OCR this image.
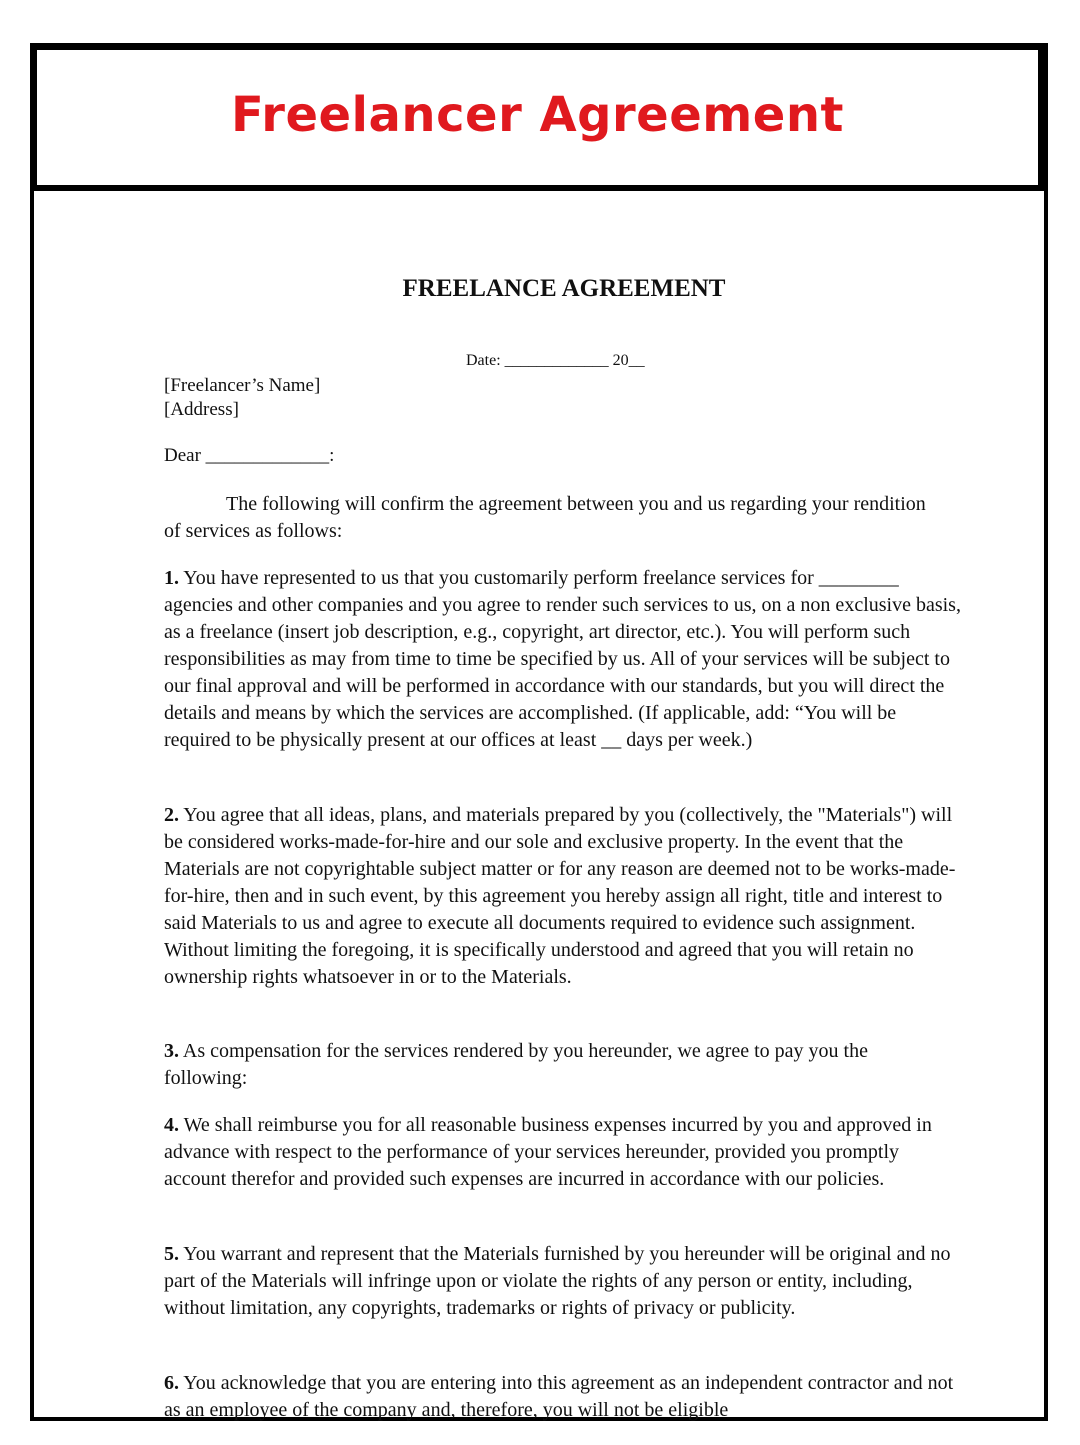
Freelancer Agreement
FREELANCE AGREEMENT
Date: _____________ 20__
[Freelancer’s Name]
[Address]
Dear _____________:

The following will confirm the agreement between you and us regarding your rendition of services as follows:

1. You have represented to us that you customarily perform freelance services for ________ agencies and other companies and you agree to render such services to us, on a non exclusive basis, as a freelance (insert job description, e.g., copyright, art director, etc.). You will perform such responsibilities as may from time to time be specified by us. All of your services will be subject to our final approval and will be performed in accordance with our standards, but you will direct the details and means by which the services are accomplished. (If applicable, add: “You will be required to be physically present at our offices at least __ days per week.)

2. You agree that all ideas, plans, and materials prepared by you (collectively, the "Materials") will be considered works-made-for-hire and our sole and exclusive property. In the event that the Materials are not copyrightable subject matter or for any reason are deemed not to be works-made-for-hire, then and in such event, by this agreement you hereby assign all right, title and interest to said Materials to us and agree to execute all documents required to evidence such assignment. Without limiting the foregoing, it is specifically understood and agreed that you will retain no ownership rights whatsoever in or to the Materials.

3. As compensation for the services rendered by you hereunder, we agree to pay you the following:

4. We shall reimburse you for all reasonable business expenses incurred by you and approved in advance with respect to the performance of your services hereunder, provided you promptly account therefor and provided such expenses are incurred in accordance with our policies.

5. You warrant and represent that the Materials furnished by you hereunder will be original and no part of the Materials will infringe upon or violate the rights of any person or entity, including, without limitation, any copyrights, trademarks or rights of privacy or publicity.

6. You acknowledge that you are entering into this agreement as an independent contractor and not as an employee of the company and, therefore, you will not be eligible
